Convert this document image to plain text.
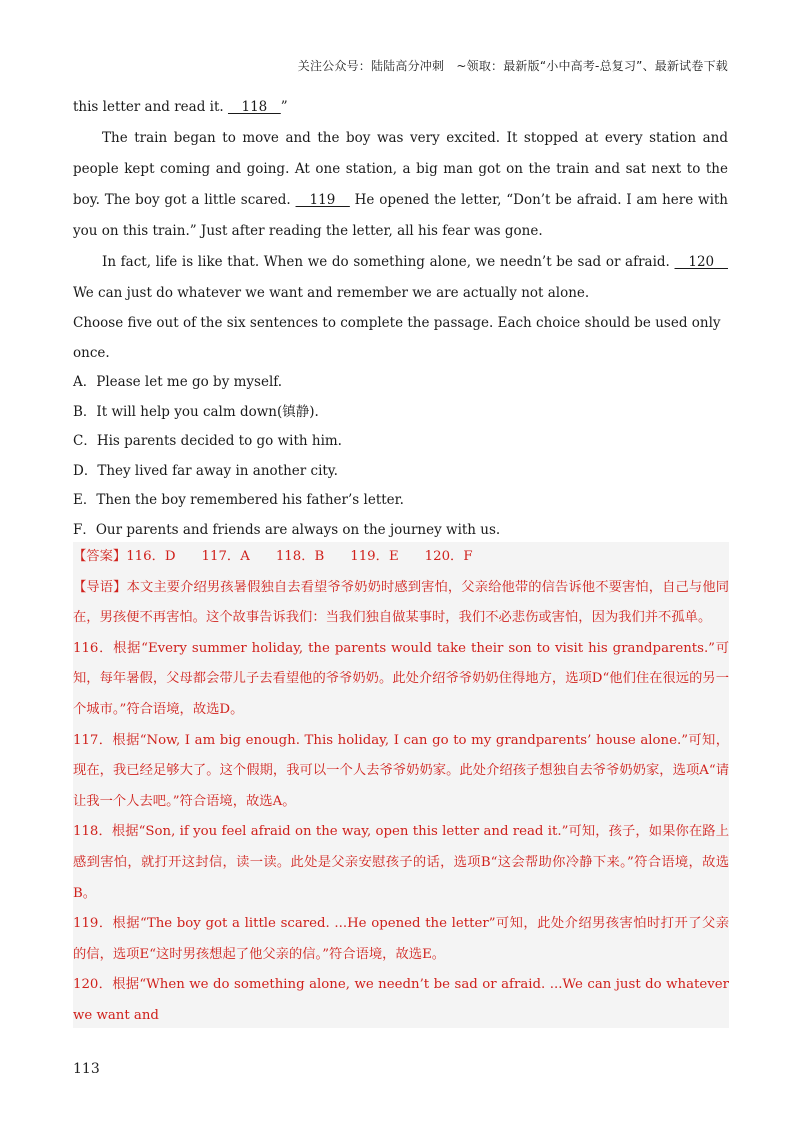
关注公众号：陆陆高分冲刺　~领取：最新版“小中高考-总复习”、最新试卷下载
this letter and read it. 　118　”
The train began to move and the boy was very excited. It stopped at every station and people kept coming and going. At one station, a big man got on the train and sat next to the boy. The boy got a little scared. 　119　 He opened the letter, “Don’t be afraid. I am here with you on this train.” Just after reading the letter, all his fear was gone.
In fact, life is like that. When we do something alone, we needn’t be sad or afraid. 　120　 We can just do whatever we want and remember we are actually not alone.
Choose five out of the six sentences to complete the passage. Each choice should be used only once.
A．Please let me go by myself.
B．It will help you calm down(镇静).
C．His parents decided to go with him.
D．They lived far away in another city.
E．Then the boy remembered his father’s letter.
F．Our parents and friends are always on the journey with us.
【答案】116．D 117．A 118．B 119．E 120．F
【导语】本文主要介绍男孩暑假独自去看望爷爷奶奶时感到害怕，父亲给他带的信告诉他不要害怕，自己与他同在，男孩便不再害怕。这个故事告诉我们：当我们独自做某事时，我们不必悲伤或害怕，因为我们并不孤单。
116．根据“Every summer holiday, the parents would take their son to visit his grandparents.”可知，每年暑假，父母都会带儿子去看望他的爷爷奶奶。此处介绍爷爷奶奶住得地方，选项D“他们住在很远的另一个城市。”符合语境，故选D。
117．根据“Now, I am big enough. This holiday, I can go to my grandparents’ house alone.”可知，现在，我已经足够大了。这个假期，我可以一个人去爷爷奶奶家。此处介绍孩子想独自去爷爷奶奶家，选项A“请让我一个人去吧。”符合语境，故选A。
118．根据“Son, if you feel afraid on the way, open this letter and read it.”可知，孩子，如果你在路上感到害怕，就打开这封信，读一读。此处是父亲安慰孩子的话，选项B“这会帮助你冷静下来。”符合语境，故选B。
119．根据“The boy got a little scared. ...He opened the letter”可知，此处介绍男孩害怕时打开了父亲的信，选项E“这时男孩想起了他父亲的信。”符合语境，故选E。
120．根据“When we do something alone, we needn’t be sad or afraid. ...We can just do whatever we want and
113
